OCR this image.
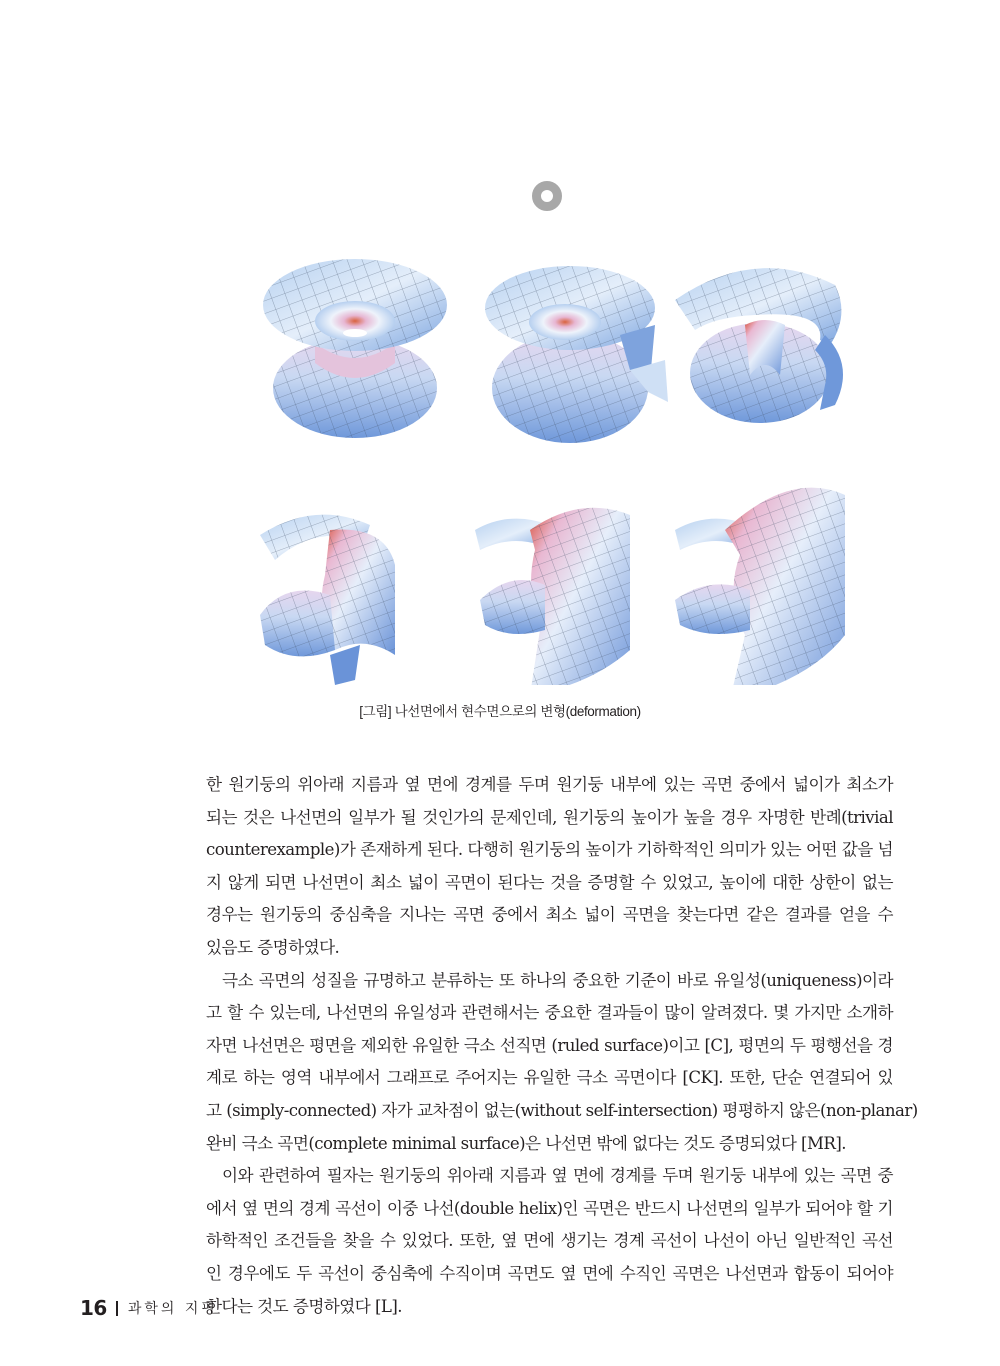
[그림] 나선면에서 현수면으로의 변형(deformation)

한 원기둥의 위아래 지름과 옆 면에 경계를 두며 원기둥 내부에 있는 곡면 중에서 넓이가 최소가
되는 것은 나선면의 일부가 될 것인가의 문제인데, 원기둥의 높이가 높을 경우 자명한 반례(trivial
counterexample)가 존재하게 된다. 다행히 원기둥의 높이가 기하학적인 의미가 있는 어떤 값을 넘
지 않게 되면 나선면이 최소 넓이 곡면이 된다는 것을 증명할 수 있었고, 높이에 대한 상한이 없는
경우는 원기둥의 중심축을 지나는 곡면 중에서 최소 넓이 곡면을 찾는다면 같은 결과를 얻을 수
있음도 증명하였다.

극소 곡면의 성질을 규명하고 분류하는 또 하나의 중요한 기준이 바로 유일성(uniqueness)이라
고 할 수 있는데, 나선면의 유일성과 관련해서는 중요한 결과들이 많이 알려졌다. 몇 가지만 소개하
자면 나선면은 평면을 제외한 유일한 극소 선직면 (ruled surface)이고 [C], 평면의 두 평행선을 경
계로 하는 영역 내부에서 그래프로 주어지는 유일한 극소 곡면이다 [CK]. 또한, 단순 연결되어 있
고 (simply-connected) 자가 교차점이 없는(without self-intersection) 평평하지 않은(non-planar)
완비 극소 곡면(complete minimal surface)은 나선면 밖에 없다는 것도 증명되었다 [MR].

이와 관련하여 필자는 원기둥의 위아래 지름과 옆 면에 경계를 두며 원기둥 내부에 있는 곡면 중
에서 옆 면의 경계 곡선이 이중 나선(double helix)인 곡면은 반드시 나선면의 일부가 되어야 할 기
하학적인 조건들을 찾을 수 있었다. 또한, 옆 면에 생기는 경계 곡선이 나선이 아닌 일반적인 곡선
인 경우에도 두 곡선이 중심축에 수직이며 곡면도 옆 면에 수직인 곡면은 나선면과 합동이 되어야
한다는 것도 증명하였다 [L].

16 과학의 지평
